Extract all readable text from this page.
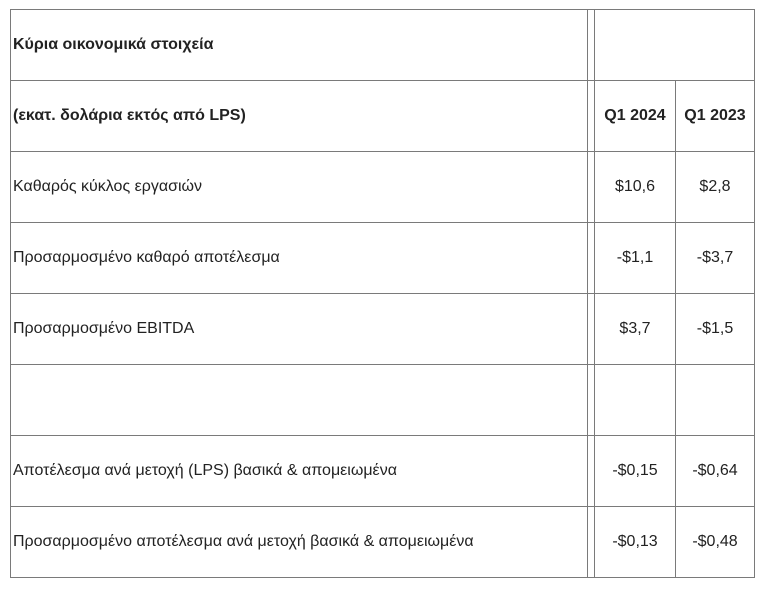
Κύρια οικονομικά στοιχεία			
(εκατ. δολάρια εκτός από LPS)		Q1 2024	Q1 2023
Καθαρός κύκλος εργασιών		$10,6	$2,8
Προσαρμοσμένο καθαρό αποτέλεσμα		-$1,1	-$3,7
Προσαρμοσμένο EBITDA		$3,7	-$1,5

Αποτέλεσμα ανά μετοχή (LPS) βασικά & απομειωμένα		-$0,15	-$0,64
Προσαρμοσμένο αποτέλεσμα ανά μετοχή βασικά & απομειωμένα		-$0,13	-$0,48
